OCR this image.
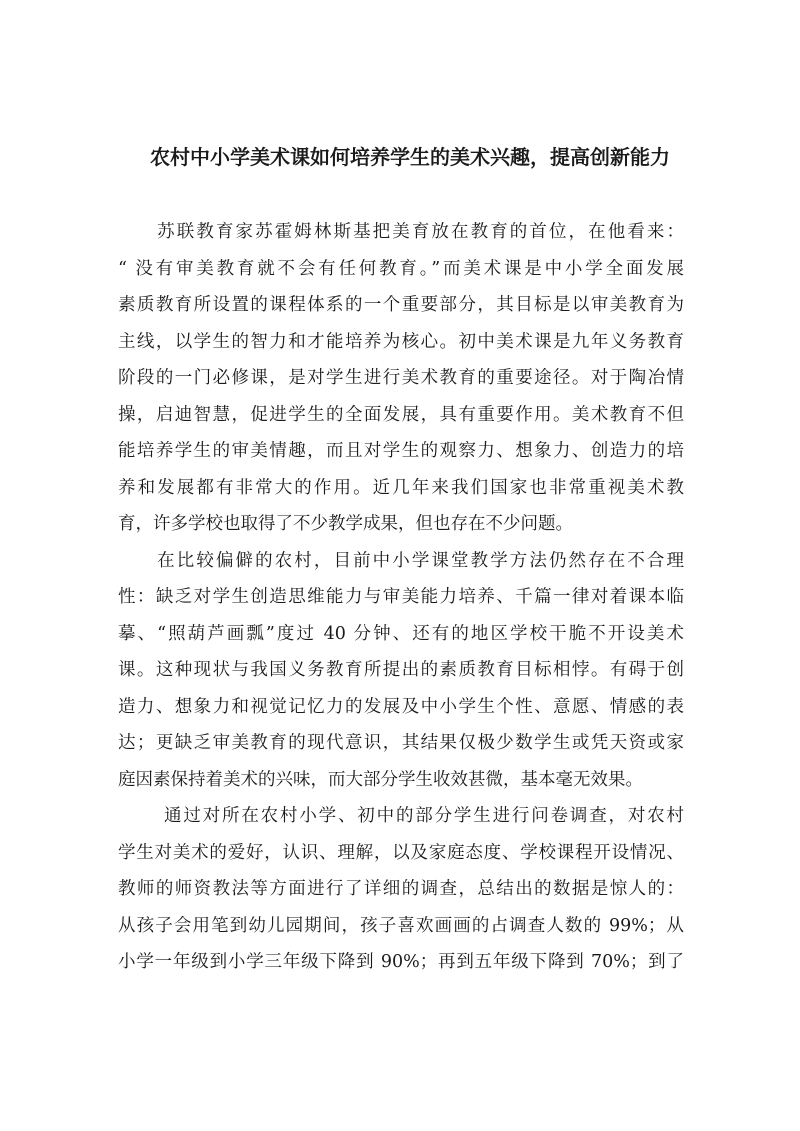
农村中小学美术课如何培养学生的美术兴趣，提高创新能力

　　苏联教育家苏霍姆林斯基把美育放在教育的首位，在他看来：
“ 没有审美教育就不会有任何教育。”而美术课是中小学全面发展
素质教育所设置的课程体系的一个重要部分，其目标是以审美教育为
主线，以学生的智力和才能培养为核心。初中美术课是九年义务教育
阶段的一门必修课，是对学生进行美术教育的重要途径。对于陶冶情
操，启迪智慧，促进学生的全面发展，具有重要作用。美术教育不但
能培养学生的审美情趣，而且对学生的观察力、想象力、创造力的培
养和发展都有非常大的作用。近几年来我们国家也非常重视美术教
育，许多学校也取得了不少教学成果，但也存在不少问题。

　　在比较偏僻的农村，目前中小学课堂教学方法仍然存在不合理
性：缺乏对学生创造思维能力与审美能力培养、千篇一律对着课本临
摹、“照葫芦画瓢”度过 40 分钟、还有的地区学校干脆不开设美术
课。这种现状与我国义务教育所提出的素质教育目标相悖。有碍于创
造力、想象力和视觉记忆力的发展及中小学生个性、意愿、情感的表
达；更缺乏审美教育的现代意识，其结果仅极少数学生或凭天资或家
庭因素保持着美术的兴味，而大部分学生收效甚微，基本毫无效果。

　　 通过对所在农村小学、初中的部分学生进行问卷调查，对农村
学生对美术的爱好，认识、理解，以及家庭态度、学校课程开设情况、
教师的师资教法等方面进行了详细的调查，总结出的数据是惊人的：
从孩子会用笔到幼儿园期间，孩子喜欢画画的占调查人数的 99%；从
小学一年级到小学三年级下降到 90%；再到五年级下降到 70%；到了
